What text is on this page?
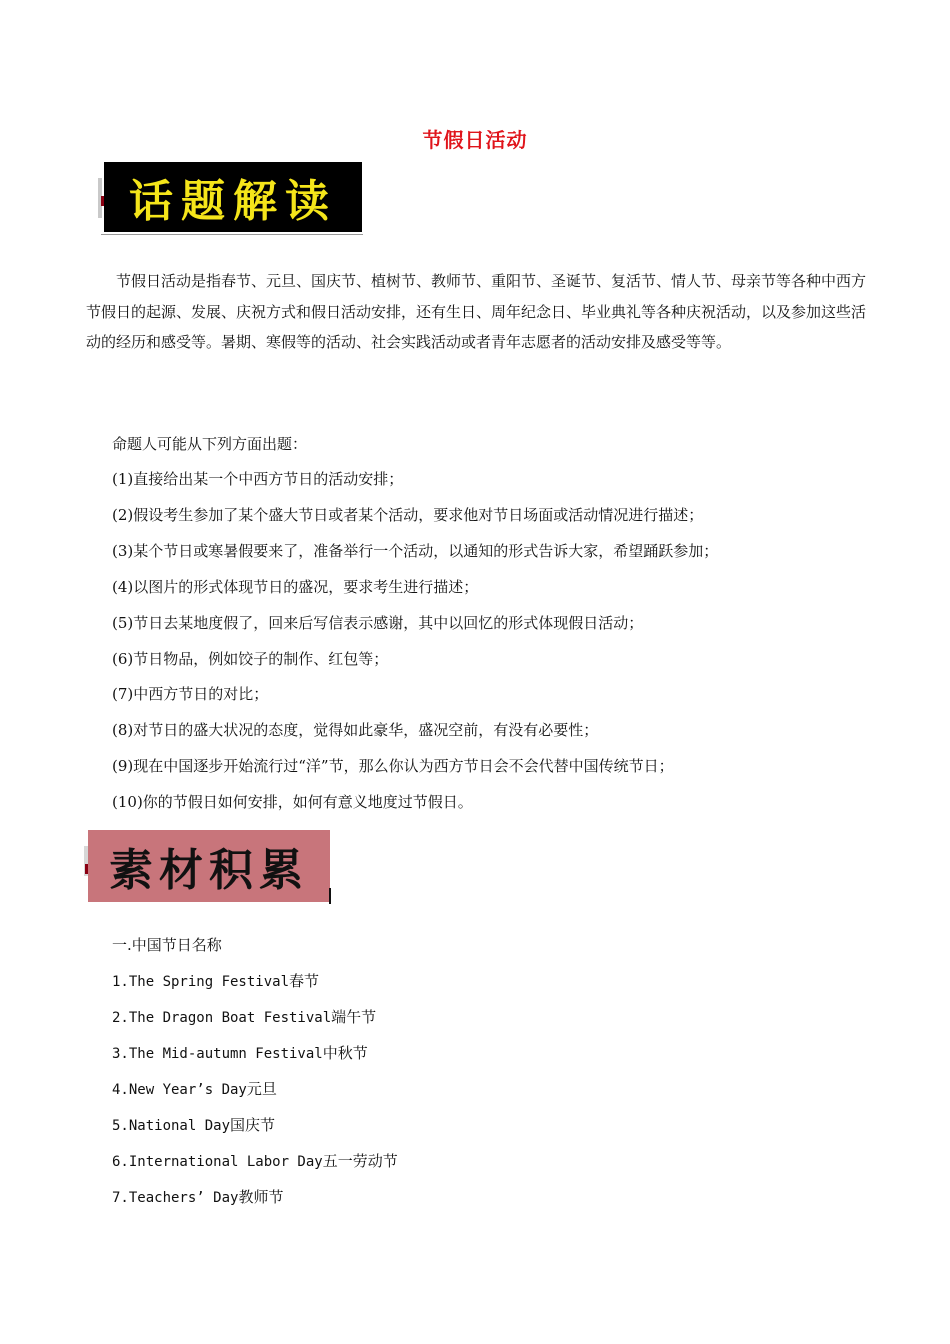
节假日活动
话题解读

节假日活动是指春节、元旦、国庆节、植树节、教师节、重阳节、圣诞节、复活节、情人节、母亲节等各种中西方节假日的起源、发展、庆祝方式和假日活动安排，还有生日、周年纪念日、毕业典礼等各种庆祝活动，以及参加这些活动的经历和感受等。暑期、寒假等的活动、社会实践活动或者青年志愿者的活动安排及感受等等。

命题人可能从下列方面出题：
(1)直接给出某一个中西方节日的活动安排；
(2)假设考生参加了某个盛大节日或者某个活动，要求他对节日场面或活动情况进行描述；
(3)某个节日或寒暑假要来了，准备举行一个活动，以通知的形式告诉大家，希望踊跃参加；
(4)以图片的形式体现节日的盛况，要求考生进行描述；
(5)节日去某地度假了，回来后写信表示感谢，其中以回忆的形式体现假日活动；
(6)节日物品，例如饺子的制作、红包等；
(7)中西方节日的对比；
(8)对节日的盛大状况的态度，觉得如此豪华，盛况空前，有没有必要性；
(9)现在中国逐步开始流行过“洋”节，那么你认为西方节日会不会代替中国传统节日；
(10)你的节假日如何安排，如何有意义地度过节假日。
素材积累
一.中国节日名称
1.The Spring Festival春节
2.The Dragon Boat Festival端午节
3.The Mid-autumn Festival中秋节
4.New Year’s Day元旦
5.National Day国庆节
6.International Labor Day五一劳动节
7.Teachers’ Day教师节
